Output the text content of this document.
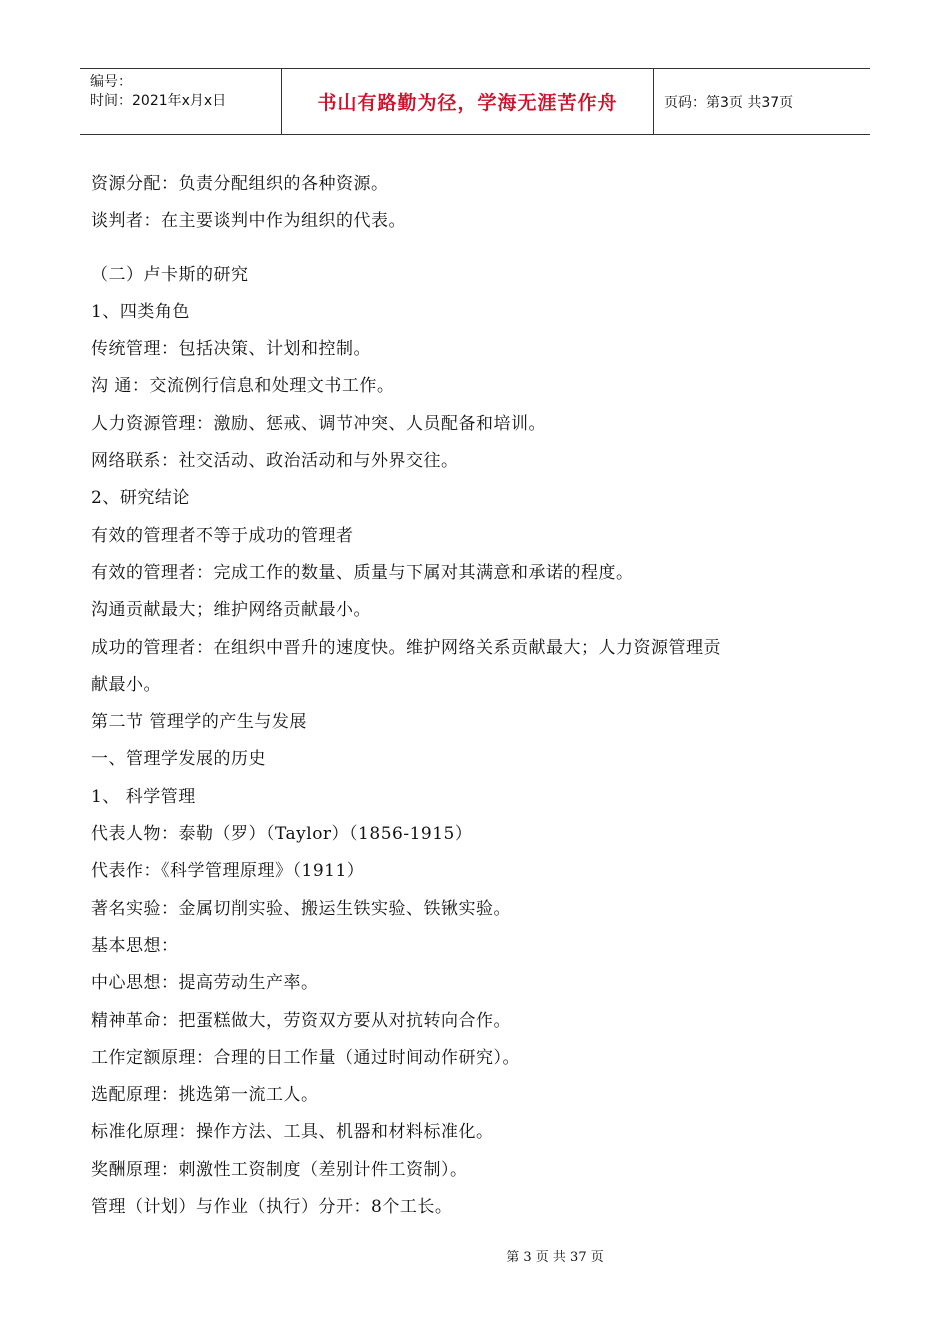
编号：
时间：2021年x月x日	书山有路勤为径，学海无涯苦作舟	页码：第3页 共37页
资源分配：负责分配组织的各种资源。
谈判者：在主要谈判中作为组织的代表。
（二）卢卡斯的研究
1、四类角色
传统管理：包括决策、计划和控制。
沟 通：交流例行信息和处理文书工作。
人力资源管理：激励、惩戒、调节冲突、人员配备和培训。
网络联系：社交活动、政治活动和与外界交往。
2、研究结论
有效的管理者不等于成功的管理者
有效的管理者：完成工作的数量、质量与下属对其满意和承诺的程度。
沟通贡献最大；维护网络贡献最小。
成功的管理者：在组织中晋升的速度快。维护网络关系贡献最大；人力资源管理贡
献最小。
第二节 管理学的产生与发展
一、管理学发展的历史
1、 科学管理
代表人物：泰勒（罗）（Taylor）（1856-1915）
代表作：《科学管理原理》（1911）
著名实验：金属切削实验、搬运生铁实验、铁锹实验。
基本思想：
中心思想：提高劳动生产率。
精神革命：把蛋糕做大，劳资双方要从对抗转向合作。
工作定额原理：合理的日工作量（通过时间动作研究）。
选配原理：挑选第一流工人。
标准化原理：操作方法、工具、机器和材料标准化。
奖酬原理：刺激性工资制度（差别计件工资制）。
管理（计划）与作业（执行）分开：8个工长。
第 3 页 共 37 页
